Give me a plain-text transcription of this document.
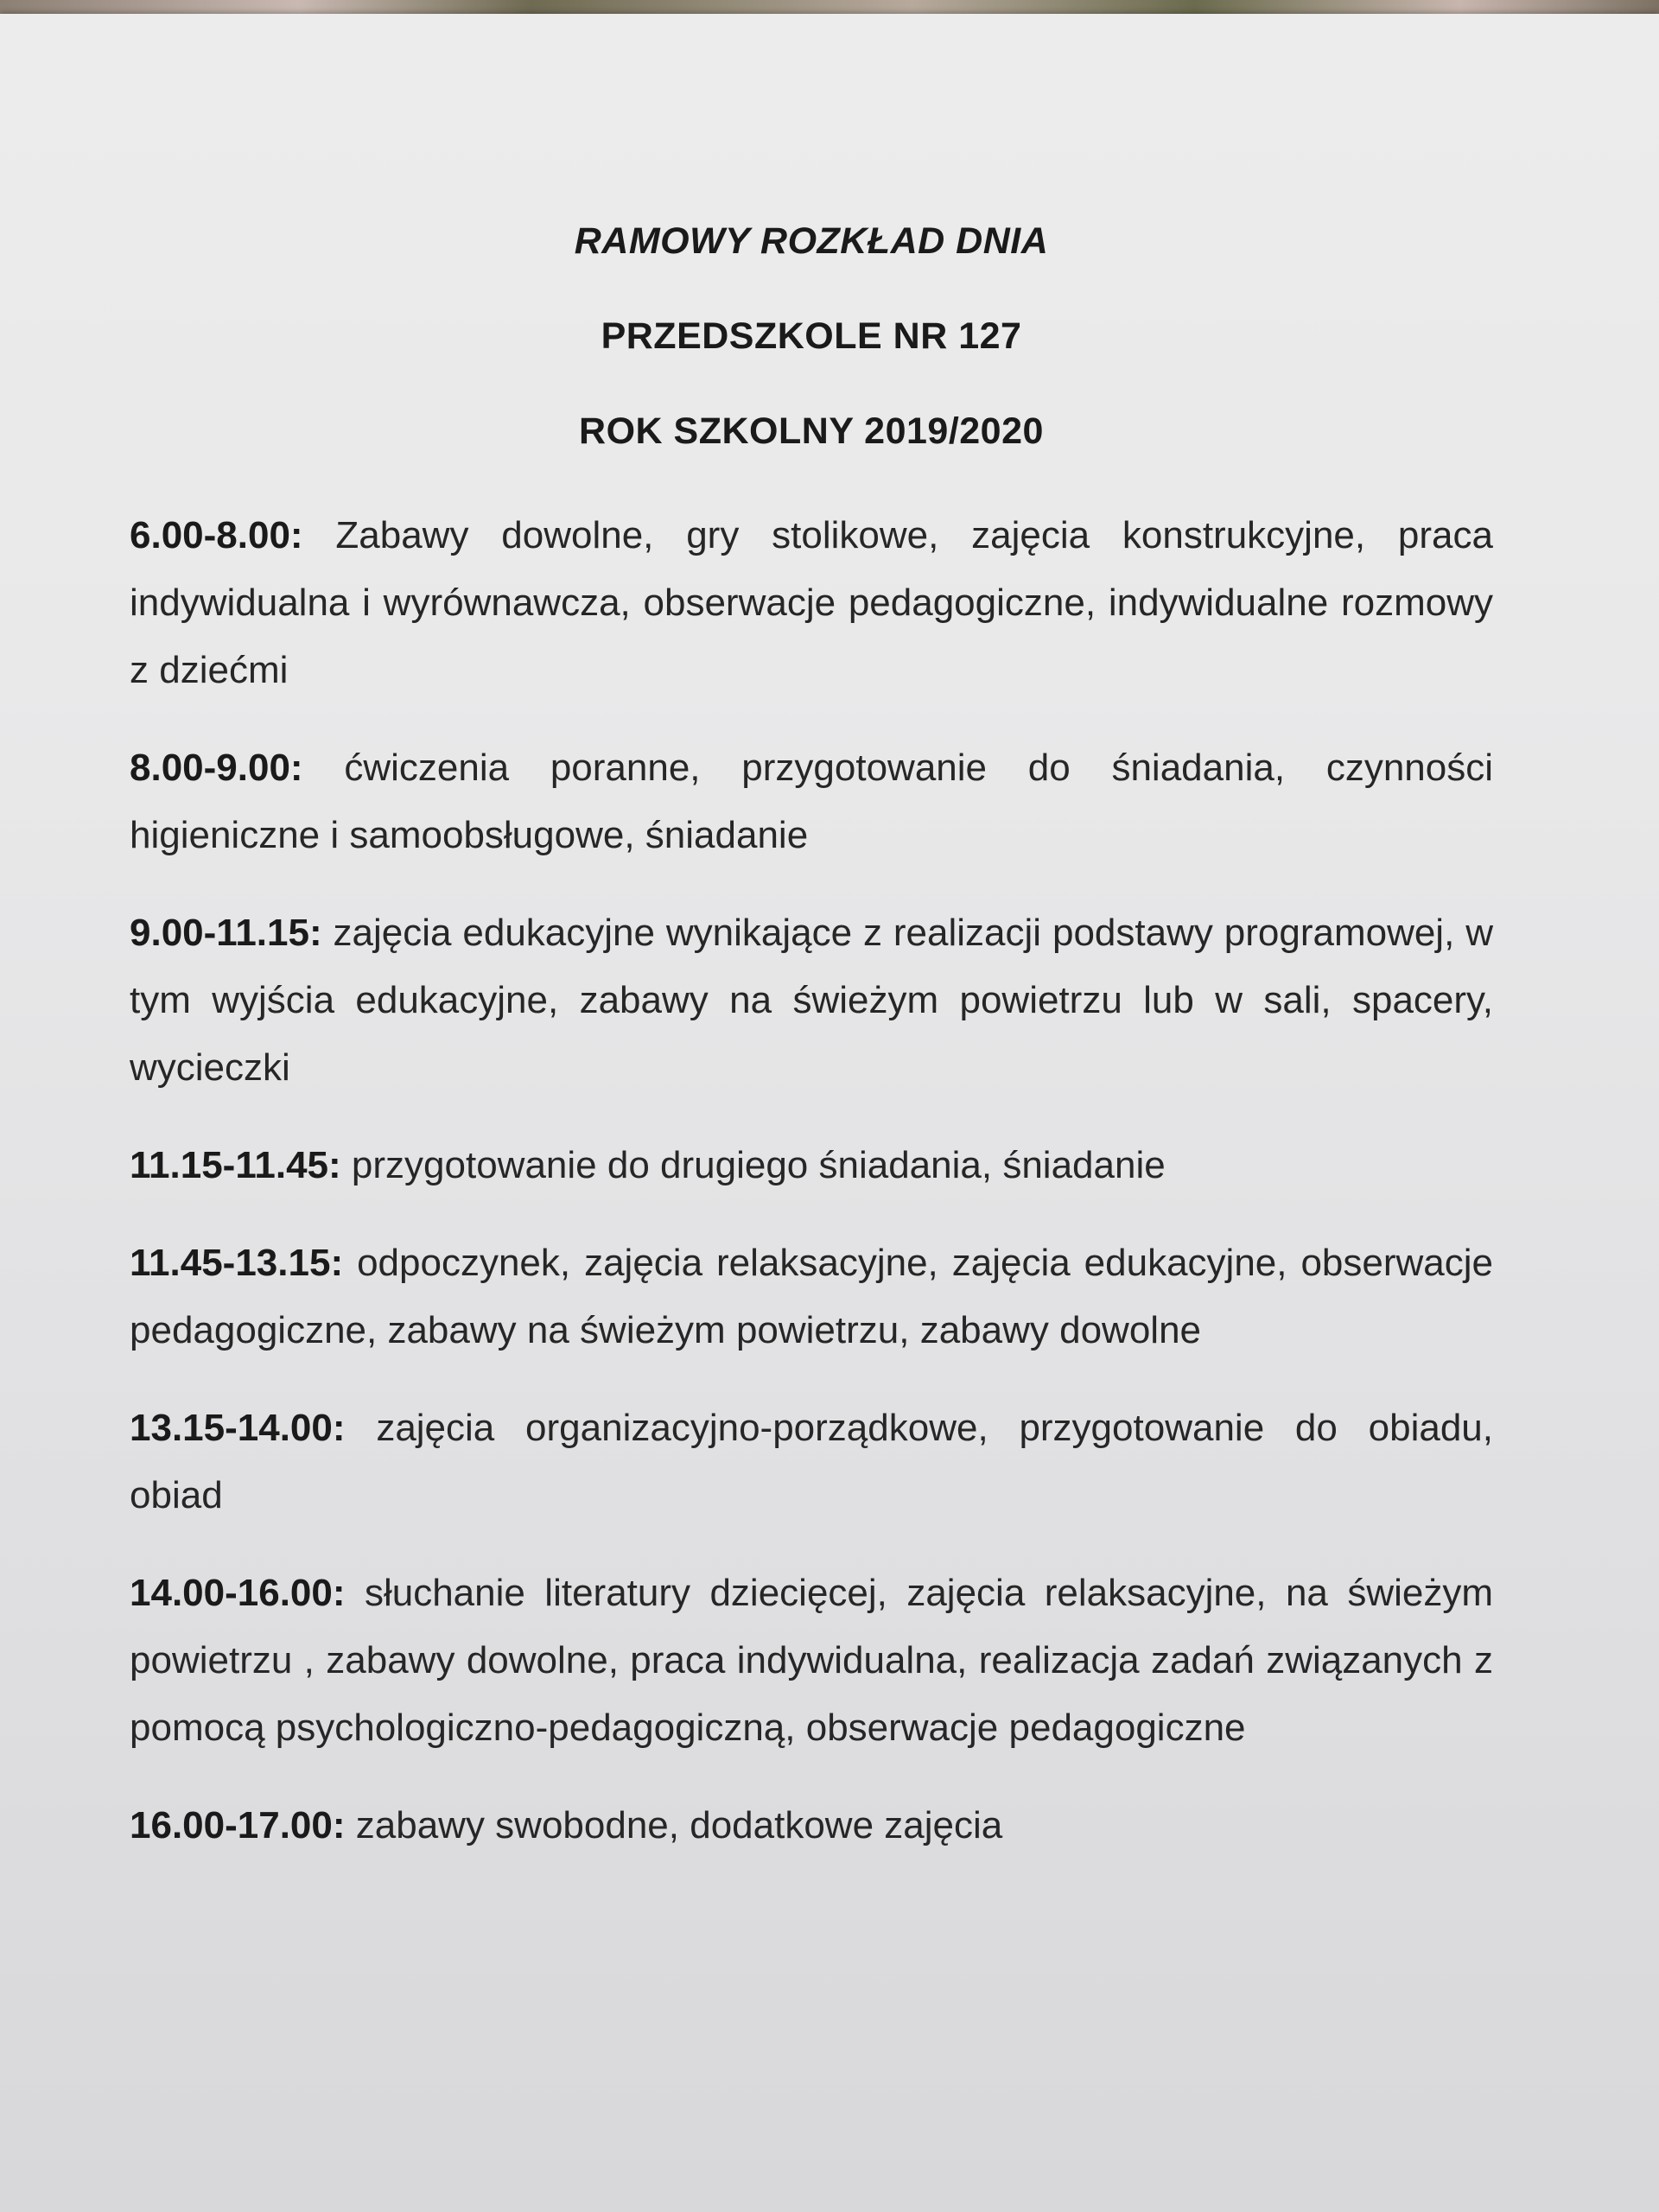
RAMOWY ROZKŁAD DNIA
PRZEDSZKOLE NR 127
ROK SZKOLNY 2019/2020

6.00-8.00: Zabawy dowolne, gry stolikowe, zajęcia konstrukcyjne, praca indywidualna i wyrównawcza, obserwacje pedagogiczne, indywidualne rozmowy z dziećmi

8.00-9.00: ćwiczenia poranne, przygotowanie do śniadania, czynności higieniczne i samoobsługowe, śniadanie

9.00-11.15: zajęcia edukacyjne wynikające z realizacji podstawy programowej, w tym wyjścia edukacyjne, zabawy na świeżym powietrzu lub w sali, spacery, wycieczki

11.15-11.45: przygotowanie do drugiego śniadania, śniadanie

11.45-13.15: odpoczynek, zajęcia relaksacyjne, zajęcia edukacyjne, obserwacje pedagogiczne, zabawy na świeżym powietrzu, zabawy dowolne

13.15-14.00: zajęcia organizacyjno-porządkowe, przygotowanie do obiadu, obiad

14.00-16.00: słuchanie literatury dziecięcej, zajęcia relaksacyjne, na świeżym powietrzu , zabawy dowolne, praca indywidualna, realizacja zadań związanych z pomocą psychologiczno-pedagogiczną, obserwacje pedagogiczne

16.00-17.00: zabawy swobodne, dodatkowe zajęcia
